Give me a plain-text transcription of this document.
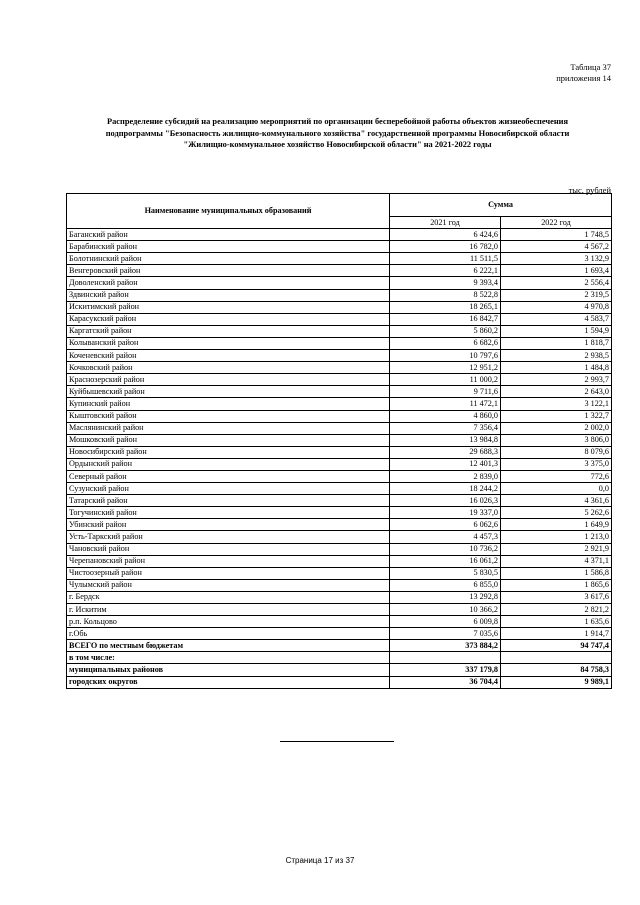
Таблица 37
приложения 14
Распределение субсидий на реализацию мероприятий по организации бесперебойной работы объектов жизнеобеспечения
подпрограммы "Безопасность жилищно-коммунального хозяйства" государственной программы Новосибирской области
"Жилищно-коммунальное хозяйство Новосибирской области" на 2021-2022 годы
тыс. рублей
Наименование муниципальных образований	Сумма	
	2021 год	2022 год
Баганский район	6 424,6	1 748,5
Барабинский район	16 782,0	4 567,2
Болотнинский район	11 511,5	3 132,9
Венгеровский район	6 222,1	1 693,4
Доволенский район	9 393,4	2 556,4
Здвинский район	8 522,8	2 319,5
Искитимский район	18 265,1	4 970,8
Карасукский район	16 842,7	4 583,7
Каргатский район	5 860,2	1 594,9
Колыванский район	6 682,6	1 818,7
Коченевский район	10 797,6	2 938,5
Кочковский район	12 951,2	1 484,8
Краснозерский район	11 000,2	2 993,7
Куйбышевский район	9 711,6	2 643,0
Купинский район	11 472,1	3 122,1
Кыштовский район	4 860,0	1 322,7
Маслянинский район	7 356,4	2 002,0
Мошковский район	13 984,8	3 806,0
Новосибирский район	29 688,3	8 079,6
Ордынский район	12 401,3	3 375,0
Северный район	2 839,0	772,6
Сузунский район	18 244,2	0,0
Татарский район	16 026,3	4 361,6
Тогучинский район	19 337,0	5 262,6
Убинский район	6 062,6	1 649,9
Усть-Таркский район	4 457,3	1 213,0
Чановский район	10 736,2	2 921,9
Черепановский район	16 061,2	4 371,1
Чистоозерный район	5 830,5	1 586,8
Чулымский район	6 855,0	1 865,6
г. Бердск	13 292,8	3 617,6
г. Искитим	10 366,2	2 821,2
р.п. Кольцово	6 009,8	1 635,6
г.Обь	7 035,6	1 914,7
ВСЕГО по местным бюджетам	373 884,2	94 747,4
в том числе:		
муниципальных районов	337 179,8	84 758,3
городских округов	36 704,4	9 989,1
Страница 17 из 37
